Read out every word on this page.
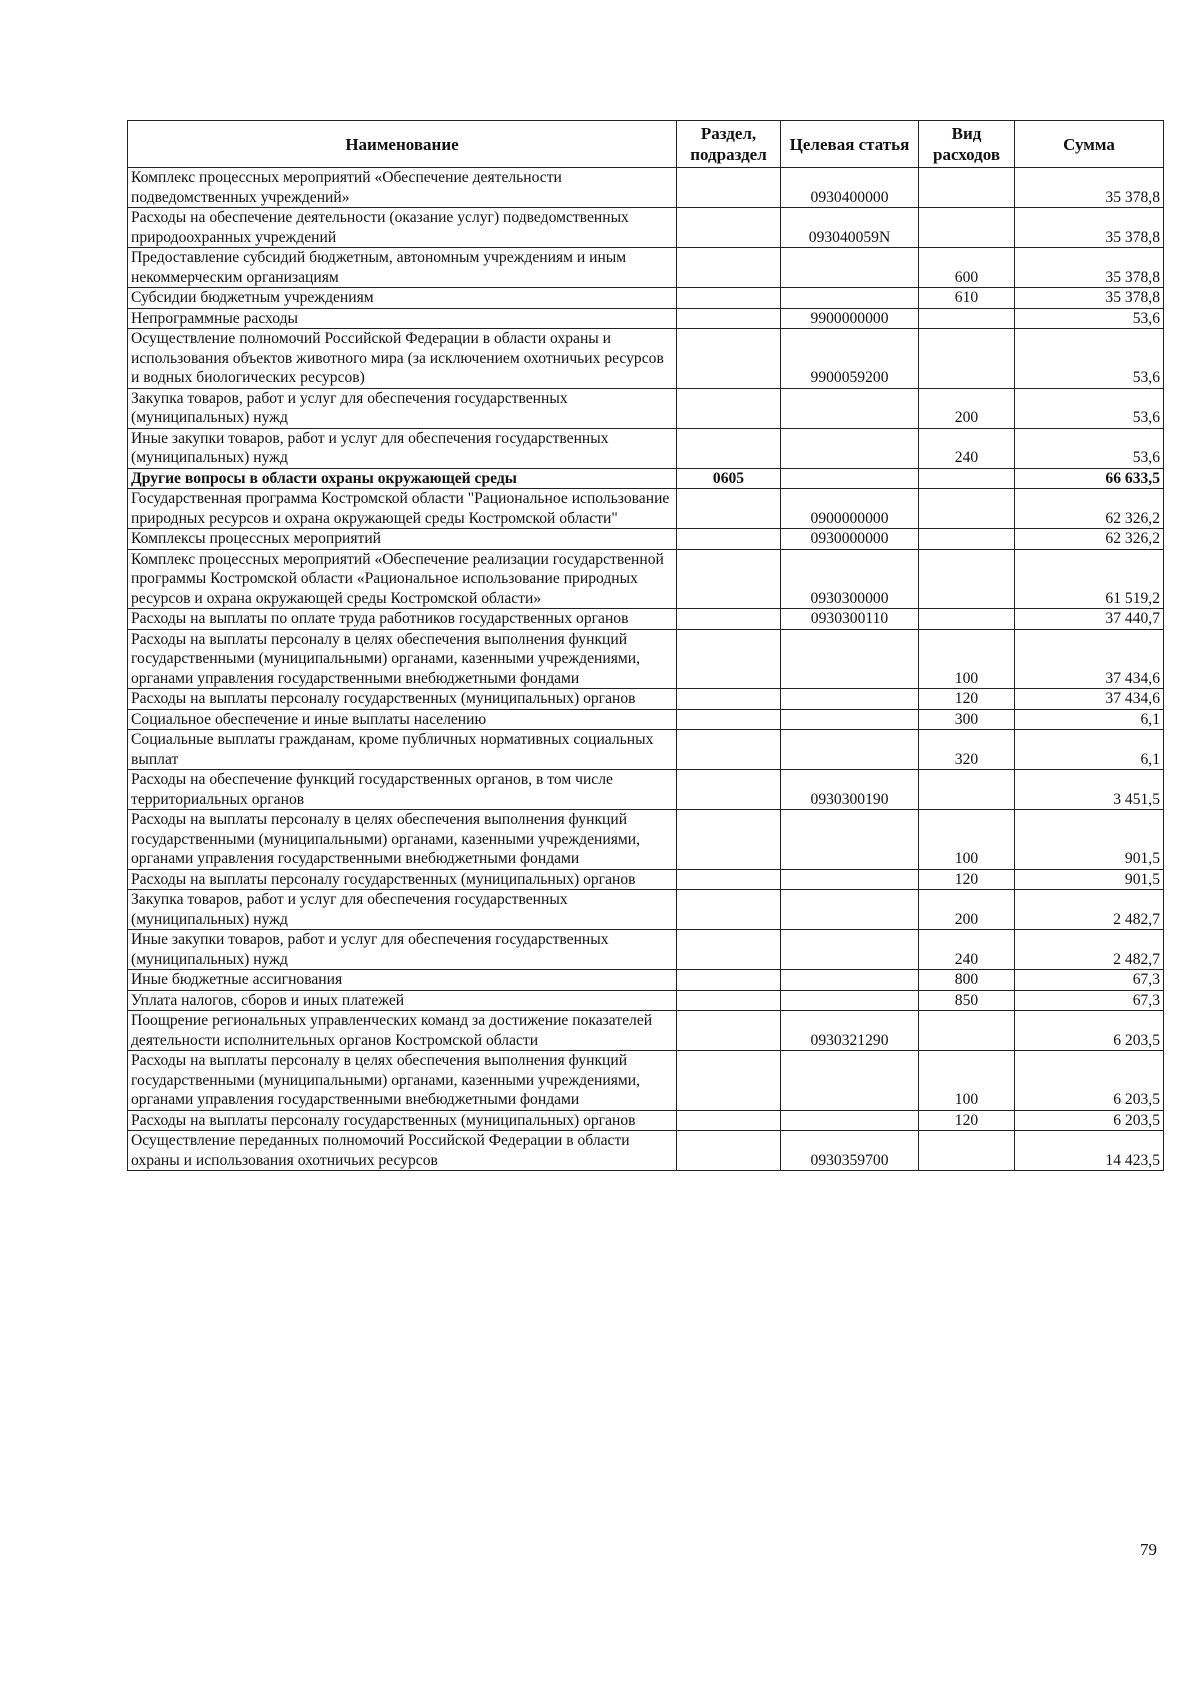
Наименование	Раздел, подраздел	Целевая статья	Вид расходов	Сумма
Комплекс процессных мероприятий «Обеспечение деятельности подведомственных учреждений»		0930400000		35 378,8
Расходы на обеспечение деятельности (оказание услуг) подведомственных природоохранных учреждений		093040059N		35 378,8
Предоставление субсидий бюджетным, автономным учреждениям и иным некоммерческим организациям			600	35 378,8
Субсидии бюджетным учреждениям			610	35 378,8
Непрограммные расходы		9900000000		53,6
Осуществление полномочий Российской Федерации в области охраны и использования объектов животного мира (за исключением охотничьих ресурсов и водных биологических ресурсов)		9900059200		53,6
Закупка товаров, работ и услуг для обеспечения государственных (муниципальных) нужд			200	53,6
Иные закупки товаров, работ и услуг для обеспечения государственных (муниципальных) нужд			240	53,6
Другие вопросы в области охраны окружающей среды	0605			66 633,5
Государственная программа Костромской области "Рациональное использование природных ресурсов и охрана окружающей среды Костромской области"		0900000000		62 326,2
Комплексы процессных мероприятий		0930000000		62 326,2
Комплекс процессных мероприятий «Обеспечение реализации государственной программы Костромской области «Рациональное использование природных ресурсов и охрана окружающей среды Костромской области»		0930300000		61 519,2
Расходы на выплаты по оплате труда работников государственных органов		0930300110		37 440,7
Расходы на выплаты персоналу в целях обеспечения выполнения функций государственными (муниципальными) органами, казенными учреждениями, органами управления государственными внебюджетными фондами			100	37 434,6
Расходы на выплаты персоналу государственных (муниципальных) органов			120	37 434,6
Социальное обеспечение и иные выплаты населению			300	6,1
Социальные выплаты гражданам, кроме публичных нормативных социальных выплат			320	6,1
Расходы на обеспечение функций государственных органов, в том числе территориальных органов		0930300190		3 451,5
Расходы на выплаты персоналу в целях обеспечения выполнения функций государственными (муниципальными) органами, казенными учреждениями, органами управления государственными внебюджетными фондами			100	901,5
Расходы на выплаты персоналу государственных (муниципальных) органов			120	901,5
Закупка товаров, работ и услуг для обеспечения государственных (муниципальных) нужд			200	2 482,7
Иные закупки товаров, работ и услуг для обеспечения государственных (муниципальных) нужд			240	2 482,7
Иные бюджетные ассигнования			800	67,3
Уплата налогов, сборов и иных платежей			850	67,3
Поощрение региональных управленческих команд за достижение показателей деятельности исполнительных органов Костромской области		0930321290		6 203,5
Расходы на выплаты персоналу в целях обеспечения выполнения функций государственными (муниципальными) органами, казенными учреждениями, органами управления государственными внебюджетными фондами			100	6 203,5
Расходы на выплаты персоналу государственных (муниципальных) органов			120	6 203,5
Осуществление переданных полномочий Российской Федерации в области охраны и использования охотничьих ресурсов		0930359700		14 423,5
79
